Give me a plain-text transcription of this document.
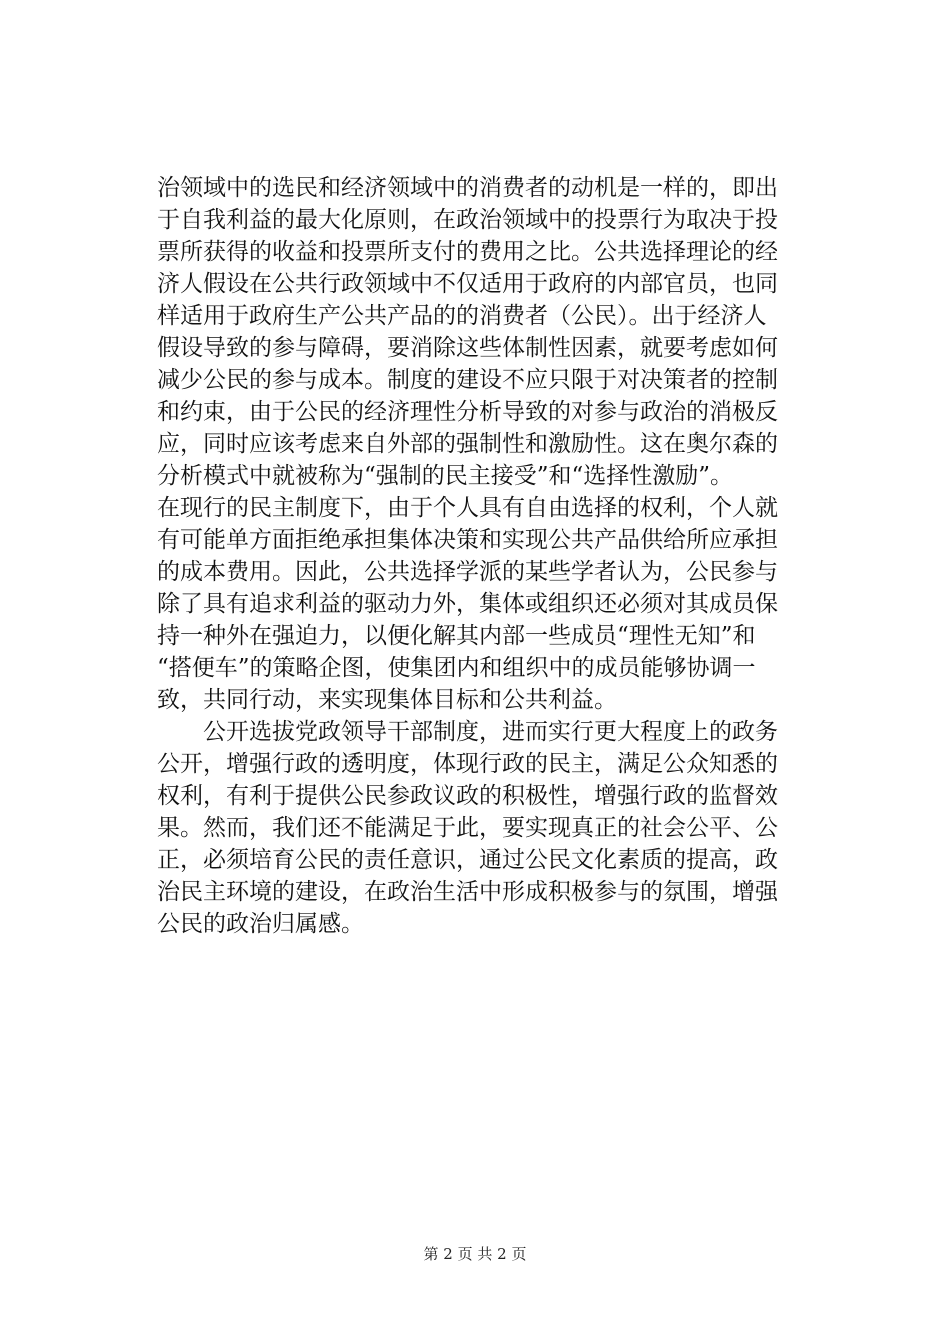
治领域中的选民和经济领域中的消费者的动机是一样的，即出
于自我利益的最大化原则，在政治领域中的投票行为取决于投
票所获得的收益和投票所支付的费用之比。公共选择理论的经
济人假设在公共行政领域中不仅适用于政府的内部官员，也同
样适用于政府生产公共产品的的消费者（公民）。出于经济人
假设导致的参与障碍，要消除这些体制性因素，就要考虑如何
减少公民的参与成本。制度的建设不应只限于对决策者的控制
和约束，由于公民的经济理性分析导致的对参与政治的消极反
应，同时应该考虑来自外部的强制性和激励性。这在奥尔森的
分析模式中就被称为“强制的民主接受”和“选择性激励”。
在现行的民主制度下，由于个人具有自由选择的权利，个人就
有可能单方面拒绝承担集体决策和实现公共产品供给所应承担
的成本费用。因此，公共选择学派的某些学者认为，公民参与
除了具有追求利益的驱动力外，集体或组织还必须对其成员保
持一种外在强迫力，以便化解其内部一些成员“理性无知”和
“搭便车”的策略企图，使集团内和组织中的成员能够协调一
致，共同行动，来实现集体目标和公共利益。
　　公开选拔党政领导干部制度，进而实行更大程度上的政务
公开，增强行政的透明度，体现行政的民主，满足公众知悉的
权利，有利于提供公民参政议政的积极性，增强行政的监督效
果。然而，我们还不能满足于此，要实现真正的社会公平、公
正，必须培育公民的责任意识，通过公民文化素质的提高，政
治民主环境的建设，在政治生活中形成积极参与的氛围，增强
公民的政治归属感。
第 2 页 共 2 页
